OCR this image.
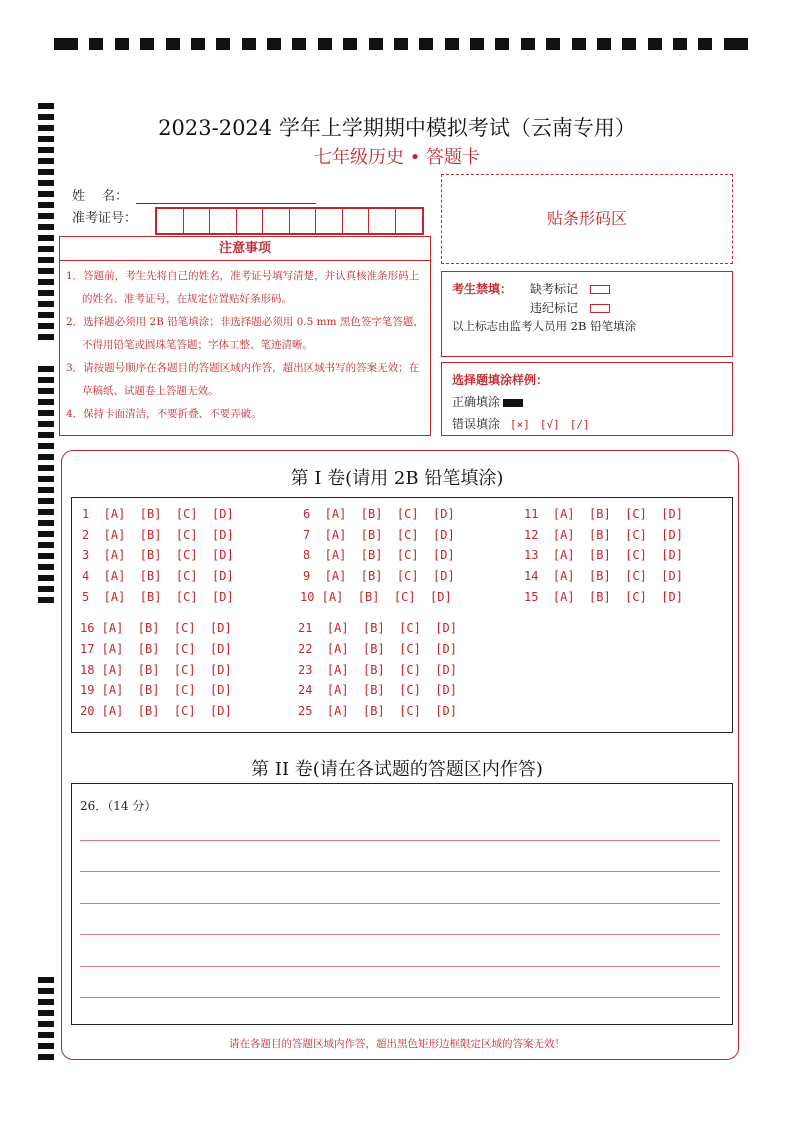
2023-2024 学年上学期期中模拟考试（云南专用）
七年级历史 • 答题卡
姓　 名：
准考证号：
注意事项

1．答题前，考生先将自己的姓名，准考证号填写清楚，并认真核准条形码上的姓名、准考证号，在规定位置贴好条形码。

2．选择题必须用 2B 铅笔填涂；非选择题必须用 0.5 mm 黑色签字笔答题，不得用铅笔或圆珠笔答题；字体工整、笔迹清晰。

3．请按题号顺序在各题目的答题区域内作答，超出区域书写的答案无效；在草稿纸、试题卷上答题无效。

4．保持卡面清洁，不要折叠、不要弄破。

贴条形码区
考生禁填： 缺考标记
违纪标记
以上标志由监考人员用 2B 铅笔填涂
选择题填涂样例：
正确填涂
错误填涂 [×] [√] [/]
第 I 卷(请用 2B 铅笔填涂)
1  [A]  [B]  [C]  [D]
2  [A]  [B]  [C]  [D]
3  [A]  [B]  [C]  [D]
4  [A]  [B]  [C]  [D]
5  [A]  [B]  [C]  [D]
6  [A]  [B]  [C]  [D]
7  [A]  [B]  [C]  [D]
8  [A]  [B]  [C]  [D]
9  [A]  [B]  [C]  [D]
10 [A]  [B]  [C]  [D]
11  [A]  [B]  [C]  [D]
12  [A]  [B]  [C]  [D]
13  [A]  [B]  [C]  [D]
14  [A]  [B]  [C]  [D]
15  [A]  [B]  [C]  [D]
16 [A]  [B]  [C]  [D]
17 [A]  [B]  [C]  [D]
18 [A]  [B]  [C]  [D]
19 [A]  [B]  [C]  [D]
20 [A]  [B]  [C]  [D]
21  [A]  [B]  [C]  [D]
22  [A]  [B]  [C]  [D]
23  [A]  [B]  [C]  [D]
24  [A]  [B]  [C]  [D]
25  [A]  [B]  [C]  [D]
第 II 卷(请在各试题的答题区内作答)
26．（14 分）
请在各题目的答题区域内作答，超出黑色矩形边框限定区域的答案无效！
